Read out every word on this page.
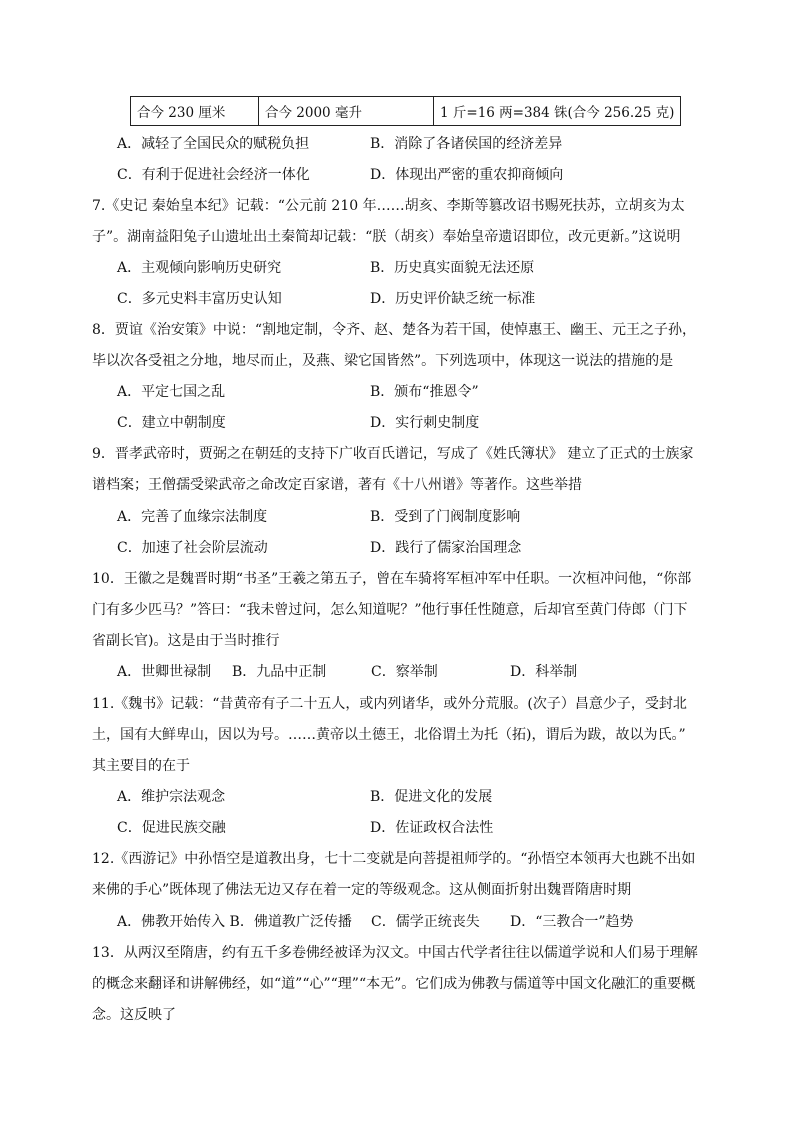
合今 230 厘米	合今 2000 毫升	1 斤=16 两=384 铢(合今 256.25 克)
A．减轻了全国民众的赋税负担	B．消除了各诸侯国的经济差异
C．有利于促进社会经济一体化	D．体现出严密的重农抑商倾向
7.《史记 秦始皇本纪》记载：“公元前 210 年……胡亥、李斯等篡改诏书赐死扶苏，立胡亥为太
子”。湖南益阳兔子山遗址出土秦简却记载：“朕（胡亥）奉始皇帝遗诏即位，改元更新。”这说明
A．主观倾向影响历史研究	B．历史真实面貌无法还原
C．多元史料丰富历史认知	D．历史评价缺乏统一标准
8．贾谊《治安策》中说：“割地定制，令齐、赵、楚各为若干国，使悼惠王、幽王、元王之子孙，
毕以次各受祖之分地，地尽而止，及燕、梁它国皆然”。下列选项中，体现这一说法的措施的是
A．平定七国之乱	B．颁布“推恩令”
C．建立中朝制度	D．实行刺史制度
9．晋孝武帝时，贾弼之在朝廷的支持下广收百氏谱记，写成了《姓氏簿状》 建立了正式的士族家
谱档案；王僧孺受梁武帝之命改定百家谱，著有《十八州谱》等著作。这些举措
A．完善了血缘宗法制度	B．受到了门阀制度影响
C．加速了社会阶层流动	D．践行了儒家治国理念
10．王徽之是魏晋时期“书圣”王羲之第五子，曾在车骑将军桓冲军中任职。一次桓冲问他，“你部
门有多少匹马？”答曰：“我未曾过问，怎么知道呢？”他行事任性随意，后却官至黄门侍郎（门下
省副长官)。这是由于当时推行
A．世卿世禄制 B．九品中正制	C．察举制	D．科举制
11.《魏书》记载：“昔黄帝有子二十五人，或内列诸华，或外分荒服。(次子）昌意少子，受封北
土，国有大鲜卑山，因以为号。……黄帝以土德王，北俗谓土为托（拓)，谓后为跋，故以为氏。”
其主要目的在于
A．维护宗法观念	B．促进文化的发展
C．促进民族交融	D．佐证政权合法性
12.《西游记》中孙悟空是道教出身，七十二变就是向菩提祖师学的。“孙悟空本领再大也跳不出如
来佛的手心”既体现了佛法无边又存在着一定的等级观念。这从侧面折射出魏晋隋唐时期
A．佛教开始传入 B．佛道教广泛传播 C．儒学正统丧失 D．“三教合一”趋势
13．从两汉至隋唐，约有五千多卷佛经被译为汉文。中国古代学者往往以儒道学说和人们易于理解
的概念来翻译和讲解佛经，如“道”“心”“理”“本无”。它们成为佛教与儒道等中国文化融汇的重要概
念。这反映了
